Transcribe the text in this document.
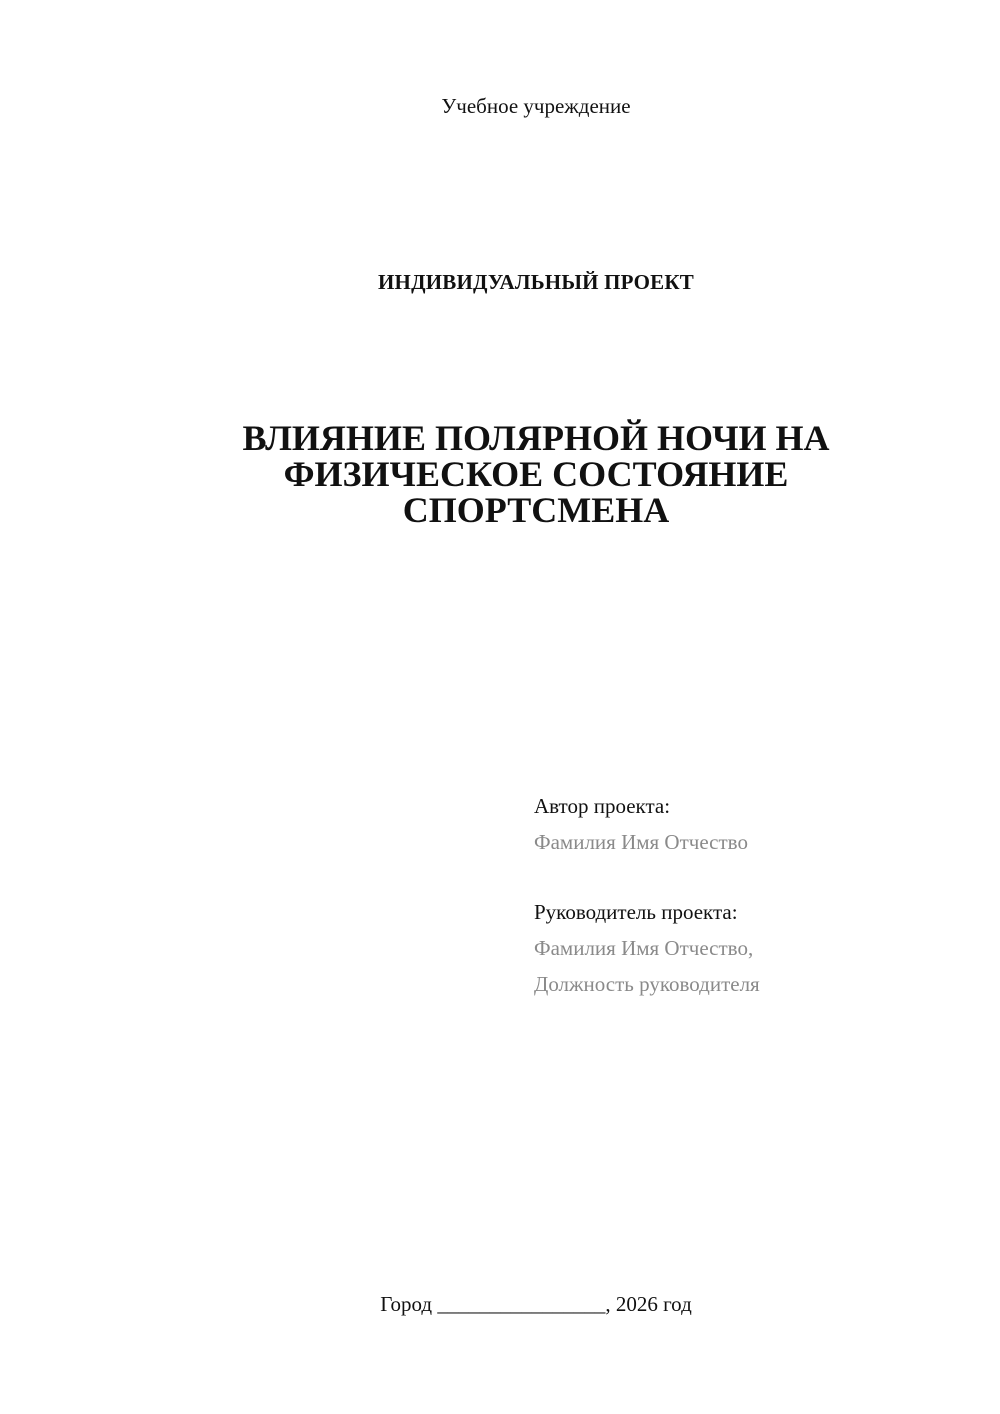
Учебное учреждение
ИНДИВИДУАЛЬНЫЙ ПРОЕКТ
ВЛИЯНИЕ ПОЛЯРНОЙ НОЧИ НА
ФИЗИЧЕСКОЕ СОСТОЯНИЕ
СПОРТСМЕНА
Автор проекта:
Фамилия Имя Отчество
Руководитель проекта:
Фамилия Имя Отчество,
Должность руководителя
Город ________________, 2026 год
